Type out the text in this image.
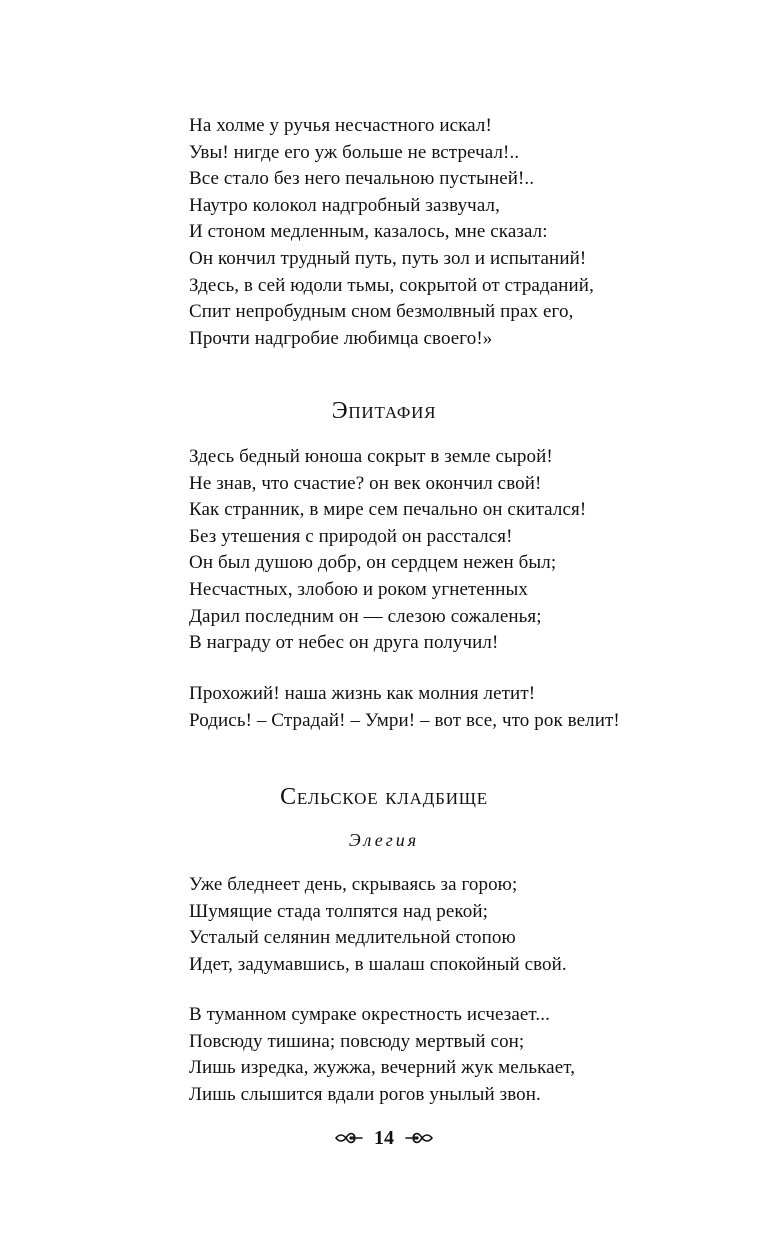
На холме у ручья несчастного искал!
Увы! нигде его уж больше не встречал!..
Все стало без него печальною пустыней!..
Наутро колокол надгробный зазвучал,
И стоном медленным, казалось, мне сказал:
Он кончил трудный путь, путь зол и испытаний!
Здесь, в сей юдоли тьмы, сокрытой от страданий,
Спит непробудным сном безмолвный прах его,
Прочти надгробие любимца своего!»
Эпитафия
Здесь бедный юноша сокрыт в земле сырой!
Не знав, что счастие? он век окончил свой!
Как странник, в мире сем печально он скитался!
Без утешения с природой он расстался!
Он был душою добр, он сердцем нежен был;
Несчастных, злобою и роком угнетенных
Дарил последним он — слезою сожаленья;
В награду от небес он друга получил!
Прохожий! наша жизнь как молния летит!
Родись! – Страдай! – Умри! – вот все, что рок велит!
Сельское кладбище
Элегия
Уже бледнеет день, скрываясь за горою;
Шумящие стада толпятся над рекой;
Усталый селянин медлительной стопою
Идет, задумавшись, в шалаш спокойный свой.
В туманном сумраке окрестность исчезает...
Повсюду тишина; повсюду мертвый сон;
Лишь изредка, жужжа, вечерний жук мелькает,
Лишь слышится вдали рогов унылый звон.
14
